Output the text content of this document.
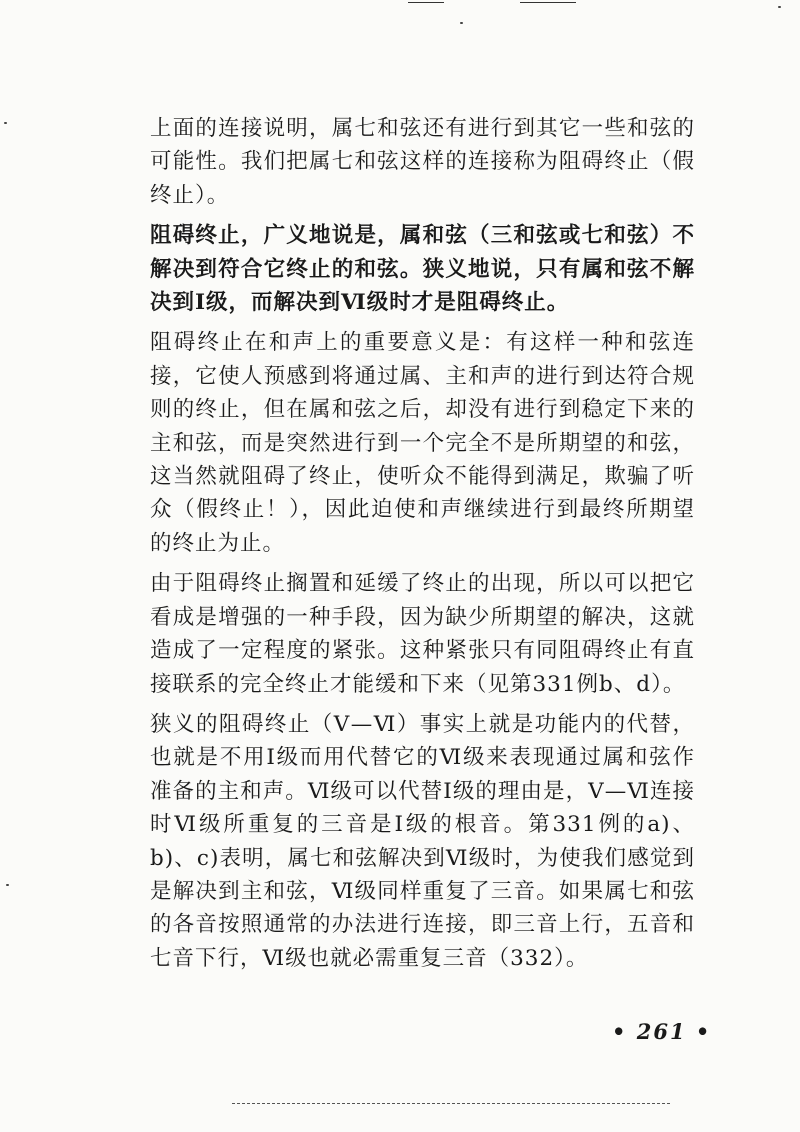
上面的连接说明，属七和弦还有进行到其它一些和弦的可能性。我们把属七和弦这样的连接称为阻碍终止（假终止）。

阻碍终止，广义地说是，属和弦（三和弦或七和弦）不解决到符合它终止的和弦。狭义地说，只有属和弦不解决到Ⅰ级，而解决到Ⅵ级时才是阻碍终止。

阻碍终止在和声上的重要意义是：有这样一种和弦连接，它使人预感到将通过属、主和声的进行到达符合规则的终止，但在属和弦之后，却没有进行到稳定下来的主和弦，而是突然进行到一个完全不是所期望的和弦，这当然就阻碍了终止，使听众不能得到满足，欺骗了听众（假终止！），因此迫使和声继续进行到最终所期望的终止为止。

由于阻碍终止搁置和延缓了终止的出现，所以可以把它看成是增强的一种手段，因为缺少所期望的解决，这就造成了一定程度的紧张。这种紧张只有同阻碍终止有直接联系的完全终止才能缓和下来（见第331例b、d）。

狭义的阻碍终止（Ⅴ—Ⅵ）事实上就是功能内的代替，也就是不用Ⅰ级而用代替它的Ⅵ级来表现通过属和弦作准备的主和声。Ⅵ级可以代替Ⅰ级的理由是，Ⅴ—Ⅵ连接时Ⅵ级所重复的三音是Ⅰ级的根音。第331例的a)、b)、c)表明，属七和弦解决到Ⅵ级时，为使我们感觉到是解决到主和弦，Ⅵ级同样重复了三音。如果属七和弦的各音按照通常的办法进行连接，即三音上行，五音和七音下行，Ⅵ级也就必需重复三音（332）。

• 261 •
